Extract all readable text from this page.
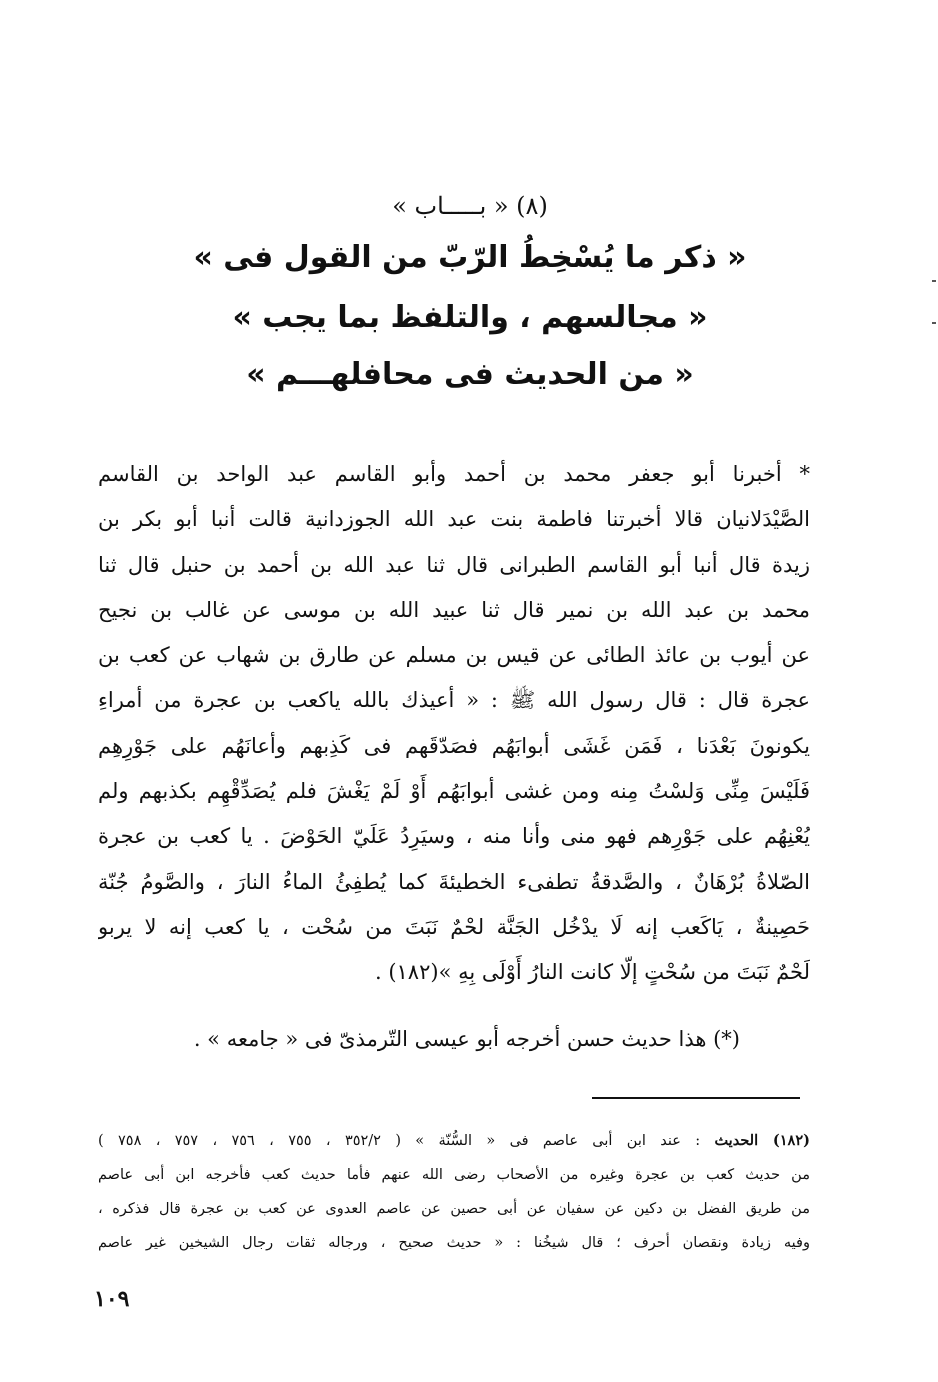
(٨) « بـــــاب »
« ذكر ما يُسْخِطُ الرّبّ من القول فى »
« مجالسهم ، والتلفظ بما يجب »
« من الحديث فى محافلهـــم »
* أخبرنا أبو جعفر محمد بن أحمد وأبو القاسم عبد الواحد بن القاسم
الصَّيْدَلانيان قالا أخبرتنا فاطمة بنت عبد الله الجوزدانية قالت أنبا أبو بكر بن
زيدة قال أنبا أبو القاسم الطبرانى قال ثنا عبد الله بن أحمد بن حنبل قال ثنا
محمد بن عبد الله بن نمير قال ثنا عبيد الله بن موسى عن غالب بن نجيح
عن أيوب بن عائذ الطائى عن قيس بن مسلم عن طارق بن شهاب عن كعب بن
عجرة قال : قال رسول الله ﷺ : « أعيذك بالله ياكعب بن عجرة من أمراءِ
يكونونَ بَعْدَنا ، فَمَن غَشَى أبوابَهُم فصَدّقَهم فى كَذِبهم وأعانَهُم على جَوْرِهِم
فَلَيْسَ مِنِّى وَلسْتُ مِنه ومن غشى أبوابَهُم أَوْ لَمْ يَغْشَ فلم يُصَدِّقْهِم بكذبهم ولم
يُعْنِهُم على جَوْرِهم فهو منى وأنا منه ، وسيَرِدُ عَلَيّ الحَوْضَ . يا كعب بن عجرة
الصّلاةُ بُرْهَانٌ ، والصَّدقةُ تطفىء الخطيئةَ كما يُطفِئُ الماءُ النارَ ، والصَّومُ جُنّة
حَصِينةٌ ، يَاكَعب إنه لَا يدْخُل الجَنَّة لحْمٌ نَبَتَ من سُحْت ، يا كعب إنه لا يربو
لَحْمٌ نَبَتَ من سُحْتٍ إلّا كانت النارُ أَوْلَى بِهِ »(١٨٢) .
(*) هذا حديث حسن أخرجه أبو عيسى التّرمذىّ فى « جامعه » .
(١٨٢) الحديث : عند ابن أبى عاصم فى « السُّنّة » ( ٣٥٢/٢ ، ٧٥٥ ، ٧٥٦ ، ٧٥٧ ، ٧٥٨ )
من حديث كعب بن عجرة وغيره من الأصحاب رضى الله عنهم فأما حديث كعب فأخرجه ابن أبى عاصم
من طريق الفضل بن دكين عن سفيان عن أبى حصين عن عاصم العدوى عن كعب بن عجرة قال فذكره ،
وفيه زيادة ونقصان أحرف ؛ قال شيخُنا : « حديث صحيح ، ورجاله ثقات رجال الشيخين غير عاصم
١٠٩
